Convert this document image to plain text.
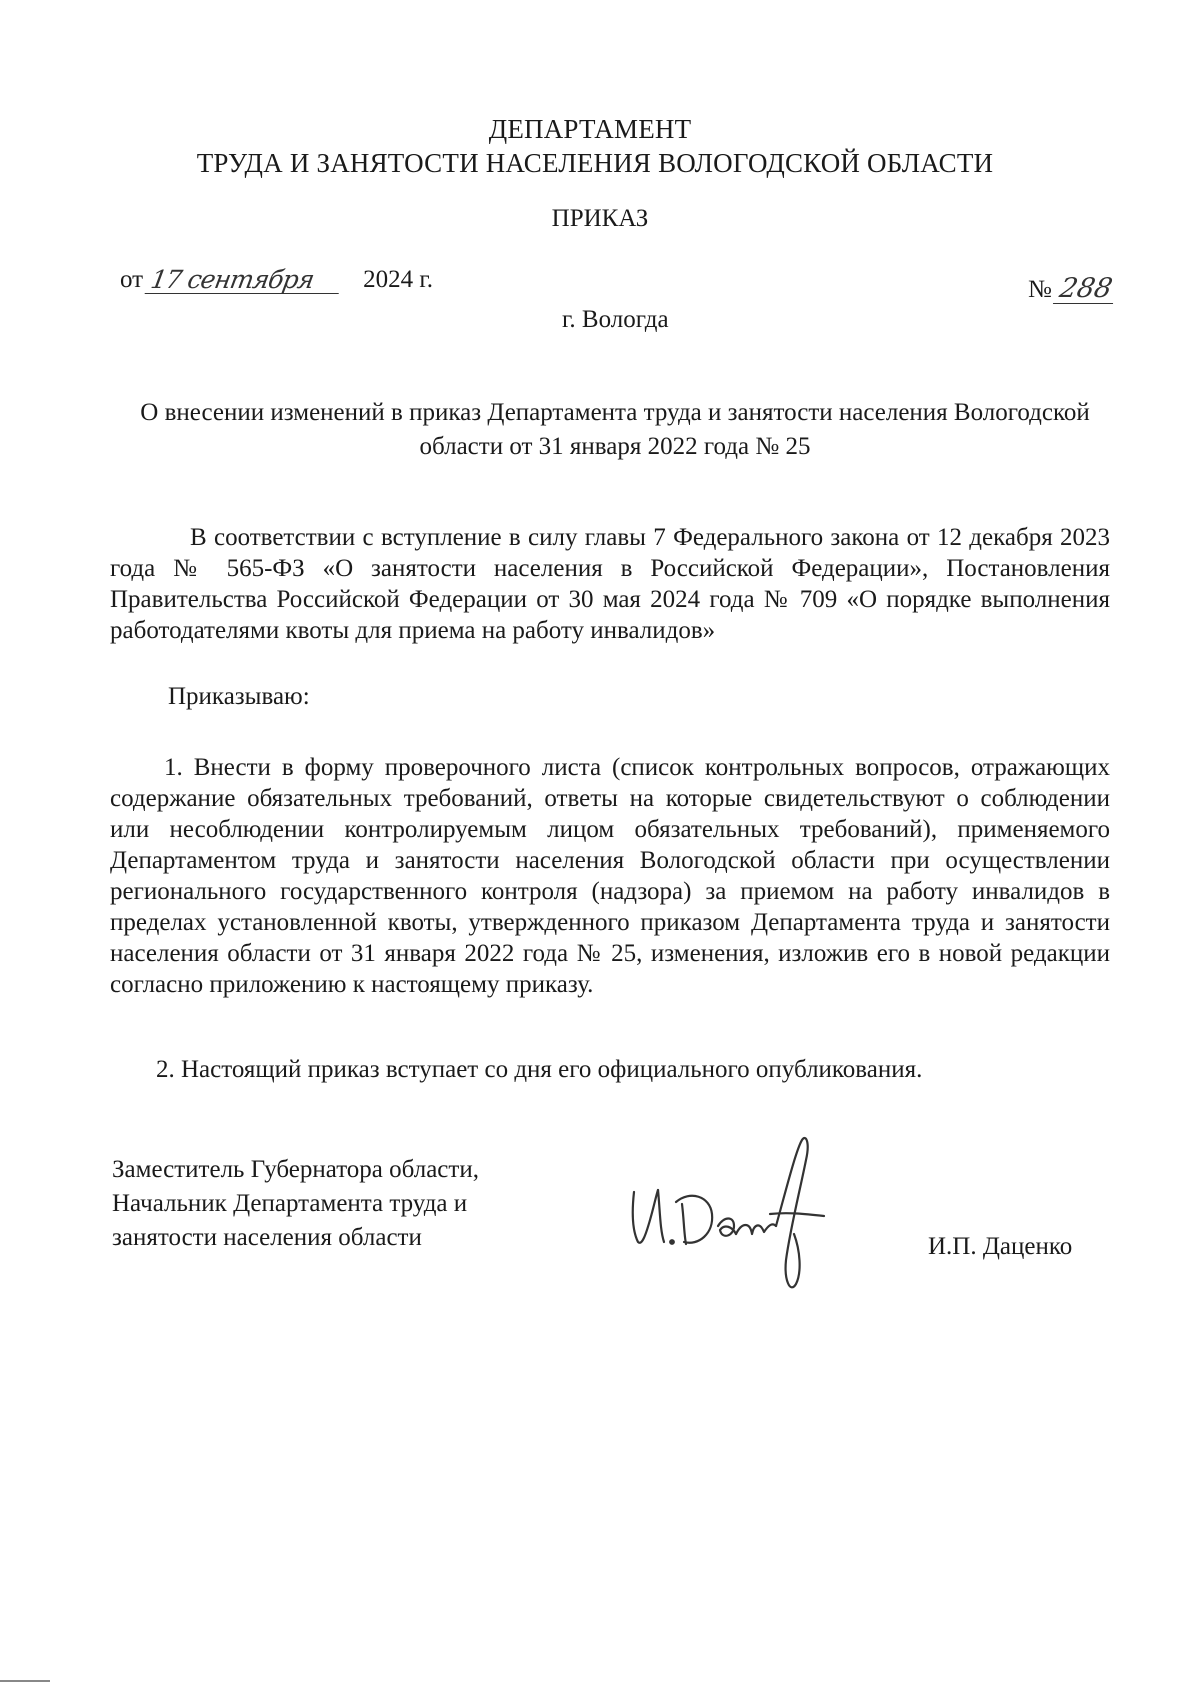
ДЕПАРТАМЕНТ
ТРУДА И ЗАНЯТОСТИ НАСЕЛЕНИЯ ВОЛОГОДСКОЙ ОБЛАСТИ
ПРИКАЗ
от 17 сентября	2024 г.	№ 288
г. Вологда
О внесении изменений в приказ Департамента труда и занятости населения Вологодской области от 31 января 2022 года № 25
В соответствии с вступление в силу главы 7 Федерального закона от 12 декабря 2023 года № 565-ФЗ «О занятости населения в Российской Федерации», Постановления Правительства Российской Федерации от 30 мая 2024 года № 709 «О порядке выполнения работодателями квоты для приема на работу инвалидов»
Приказываю:
1. Внести в форму проверочного листа (список контрольных вопросов, отражающих содержание обязательных требований, ответы на которые свидетельствуют о соблюдении или несоблюдении контролируемым лицом обязательных требований), применяемого Департаментом труда и занятости населения Вологодской области при осуществлении регионального государственного контроля (надзора) за приемом на работу инвалидов в пределах установленной квоты, утвержденного приказом Департамента труда и занятости населения области от 31 января 2022 года № 25, изменения, изложив его в новой редакции согласно приложению к настоящему приказу.
2. Настоящий приказ вступает со дня его официального опубликования.
Заместитель Губернатора области,
Начальник Департамента труда и
занятости населения области	И.П. Даценко
